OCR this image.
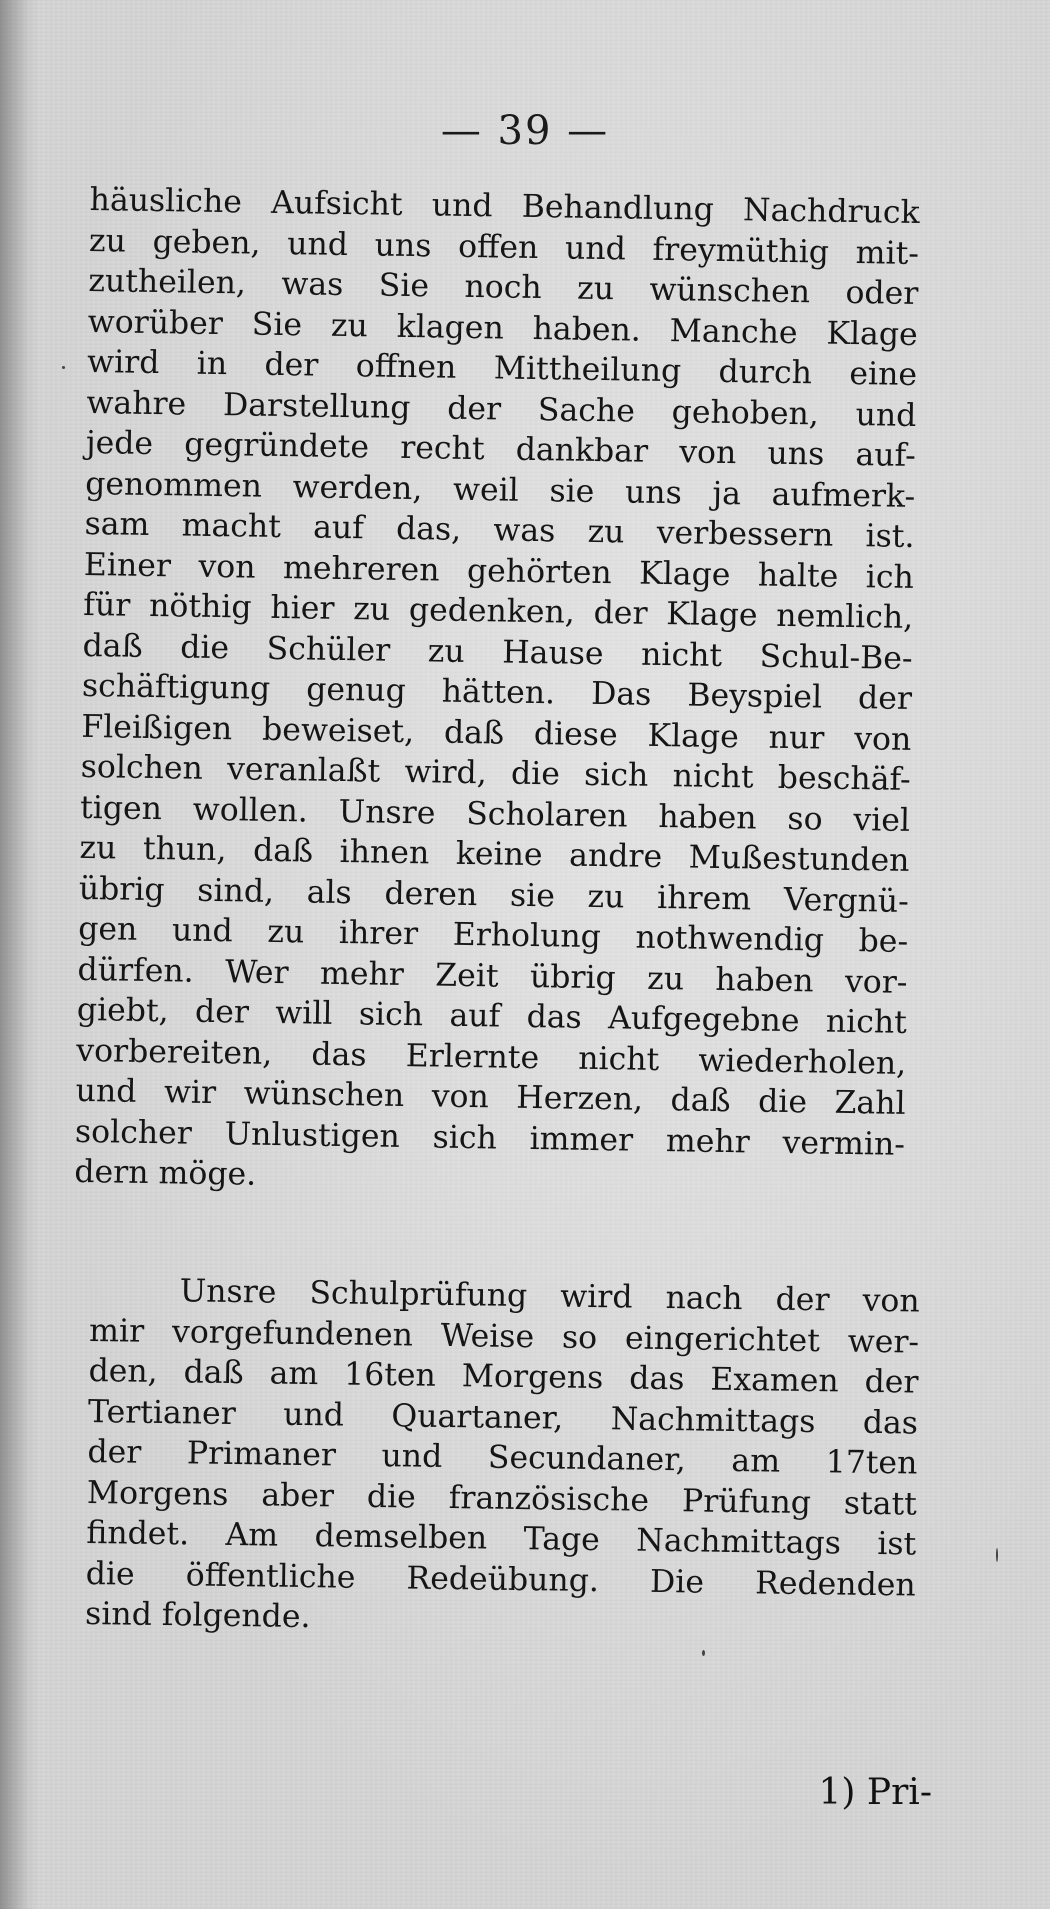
— 39 —
häusliche Aufsicht und Behandlung Nachdruck
zu geben, und uns offen und freymüthig mit-
zutheilen, was Sie noch zu wünschen oder
worüber Sie zu klagen haben. Manche Klage
wird in der offnen Mittheilung durch eine
wahre Darstellung der Sache gehoben, und
jede gegründete recht dankbar von uns auf-
genommen werden, weil sie uns ja aufmerk-
sam macht auf das, was zu verbessern ist.
Einer von mehreren gehörten Klage halte ich
für nöthig hier zu gedenken, der Klage nemlich,
daß die Schüler zu Hause nicht Schul-Be-
schäftigung genug hätten. Das Beyspiel der
Fleißigen beweiset, daß diese Klage nur von
solchen veranlaßt wird, die sich nicht beschäf-
tigen wollen. Unsre Scholaren haben so viel
zu thun, daß ihnen keine andre Mußestunden
übrig sind, als deren sie zu ihrem Vergnü-
gen und zu ihrer Erholung nothwendig be-
dürfen. Wer mehr Zeit übrig zu haben vor-
giebt, der will sich auf das Aufgegebne nicht
vorbereiten, das Erlernte nicht wiederholen,
und wir wünschen von Herzen, daß die Zahl
solcher Unlustigen sich immer mehr vermin-
dern möge.
Unsre Schulprüfung wird nach der von
mir vorgefundenen Weise so eingerichtet wer-
den, daß am 16ten Morgens das Examen der
Tertianer und Quartaner, Nachmittags das
der Primaner und Secundaner, am 17ten
Morgens aber die französische Prüfung statt
findet. Am demselben Tage Nachmittags ist
die öffentliche Redeübung. Die Redenden
sind folgende.
1) Pri-
